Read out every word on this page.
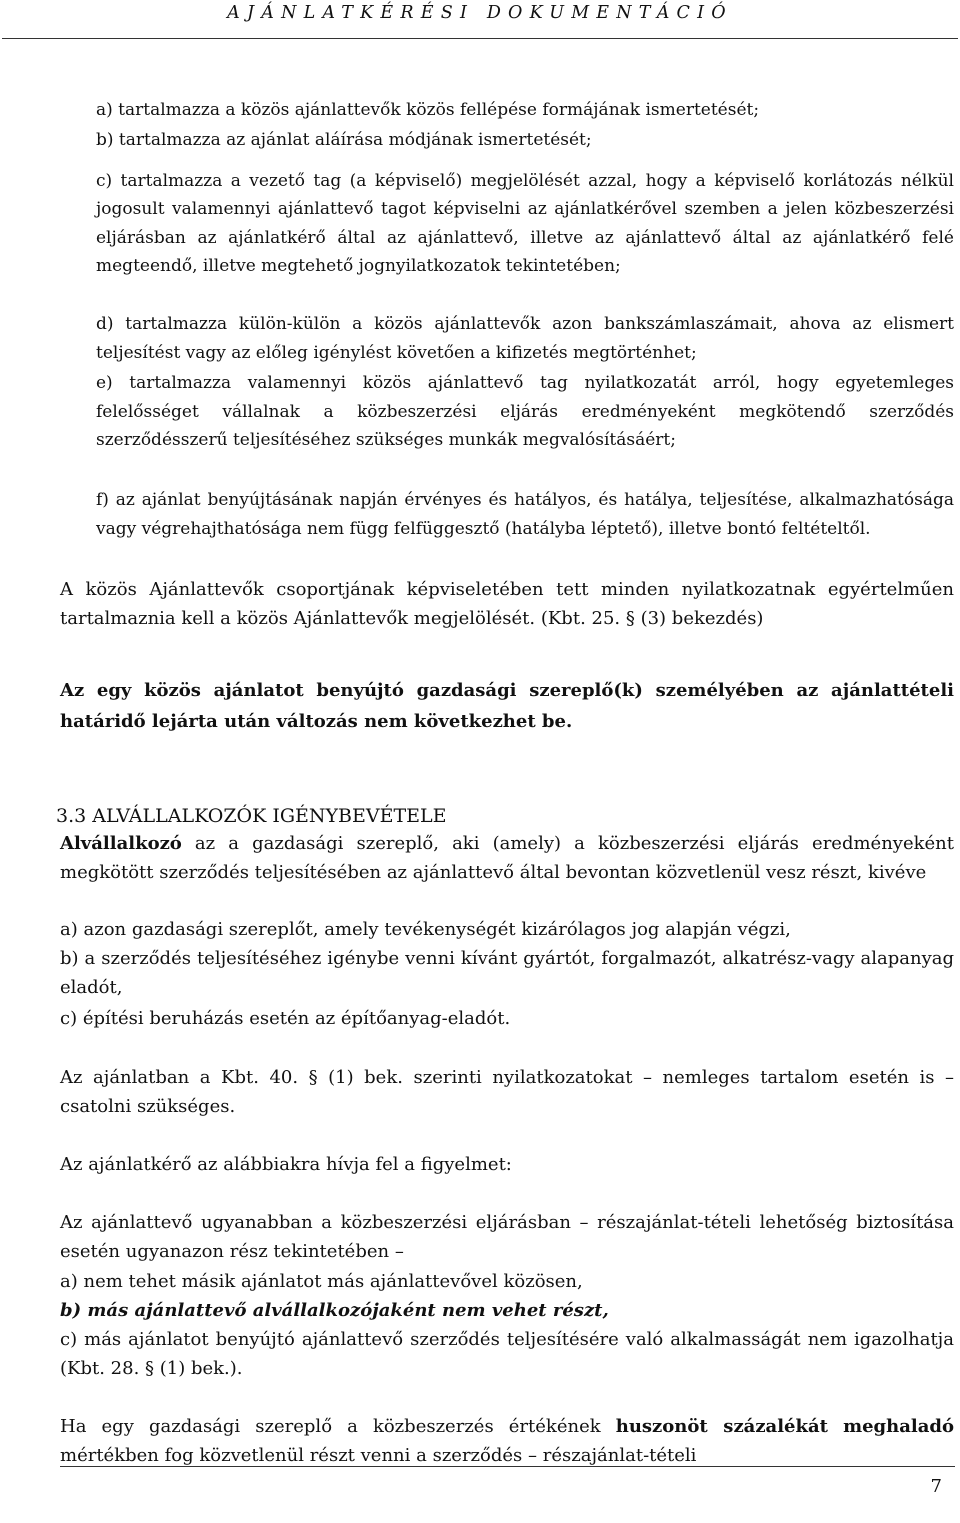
AJÁNLATKÉRÉSI DOKUMENTÁCIÓ
a) tartalmazza a közös ajánlattevők közös fellépése formájának ismertetését;
b) tartalmazza az ajánlat aláírása módjának ismertetését;
c) tartalmazza a vezető tag (a képviselő) megjelölését azzal, hogy a képviselő korlátozás nélkül jogosult valamennyi ajánlattevő tagot képviselni az ajánlatkérővel szemben a jelen közbeszerzési eljárásban az ajánlatkérő által az ajánlattevő, illetve az ajánlattevő által az ajánlatkérő felé megteendő, illetve megtehető jognyilatkozatok tekintetében;
d) tartalmazza külön-külön a közös ajánlattevők azon bankszámlaszámait, ahova az elismert teljesítést vagy az előleg igénylést követően a kifizetés megtörténhet;
e) tartalmazza valamennyi közös ajánlattevő tag nyilatkozatát arról, hogy egyetemleges felelősséget vállalnak a közbeszerzési eljárás eredményeként megkötendő szerződés szerződésszerű teljesítéséhez szükséges munkák megvalósításáért;
f) az ajánlat benyújtásának napján érvényes és hatályos, és hatálya, teljesítése, alkalmazhatósága vagy végrehajthatósága nem függ felfüggesztő (hatályba léptető), illetve bontó feltételtől.
A közös Ajánlattevők csoportjának képviseletében tett minden nyilatkozatnak egyértelműen tartalmaznia kell a közös Ajánlattevők megjelölését. (Kbt. 25. § (3) bekezdés)
Az egy közös ajánlatot benyújtó gazdasági szereplő(k) személyében az ajánlattételi határidő lejárta után változás nem következhet be.
3.3 ALVÁLLALKOZÓK IGÉNYBEVÉTELE
Alvállalkozó az a gazdasági szereplő, aki (amely) a közbeszerzési eljárás eredményeként megkötött szerződés teljesítésében az ajánlattevő által bevontan közvetlenül vesz részt, kivéve
a) azon gazdasági szereplőt, amely tevékenységét kizárólagos jog alapján végzi,
b) a szerződés teljesítéséhez igénybe venni kívánt gyártót, forgalmazót, alkatrész-vagy alapanyag eladót,
c) építési beruházás esetén az építőanyag-eladót.
Az ajánlatban a Kbt. 40. § (1) bek. szerinti nyilatkozatokat – nemleges tartalom esetén is – csatolni szükséges.
Az ajánlatkérő az alábbiakra hívja fel a figyelmet:
Az ajánlattevő ugyanabban a közbeszerzési eljárásban – részajánlat-tételi lehetőség biztosítása esetén ugyanazon rész tekintetében –
a) nem tehet másik ajánlatot más ajánlattevővel közösen,
b) más ajánlattevő alvállalkozójaként nem vehet részt,
c) más ajánlatot benyújtó ajánlattevő szerződés teljesítésére való alkalmasságát nem igazolhatja (Kbt. 28. § (1) bek.).
Ha egy gazdasági szereplő a közbeszerzés értékének huszonöt százalékát meghaladó mértékben fog közvetlenül részt venni a szerződés – részajánlat-tételi
7
